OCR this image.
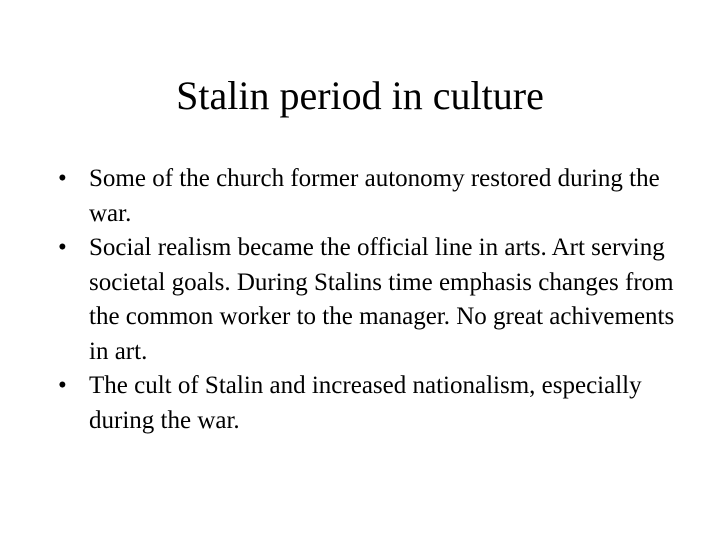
Stalin period in culture
• Some of the church former autonomy restored during the war.
• Social realism became the official line in arts. Art serving societal goals. During Stalins time emphasis changes from the common worker to the manager. No great achivements in art.
• The cult of Stalin and increased nationalism, especially during the war.
